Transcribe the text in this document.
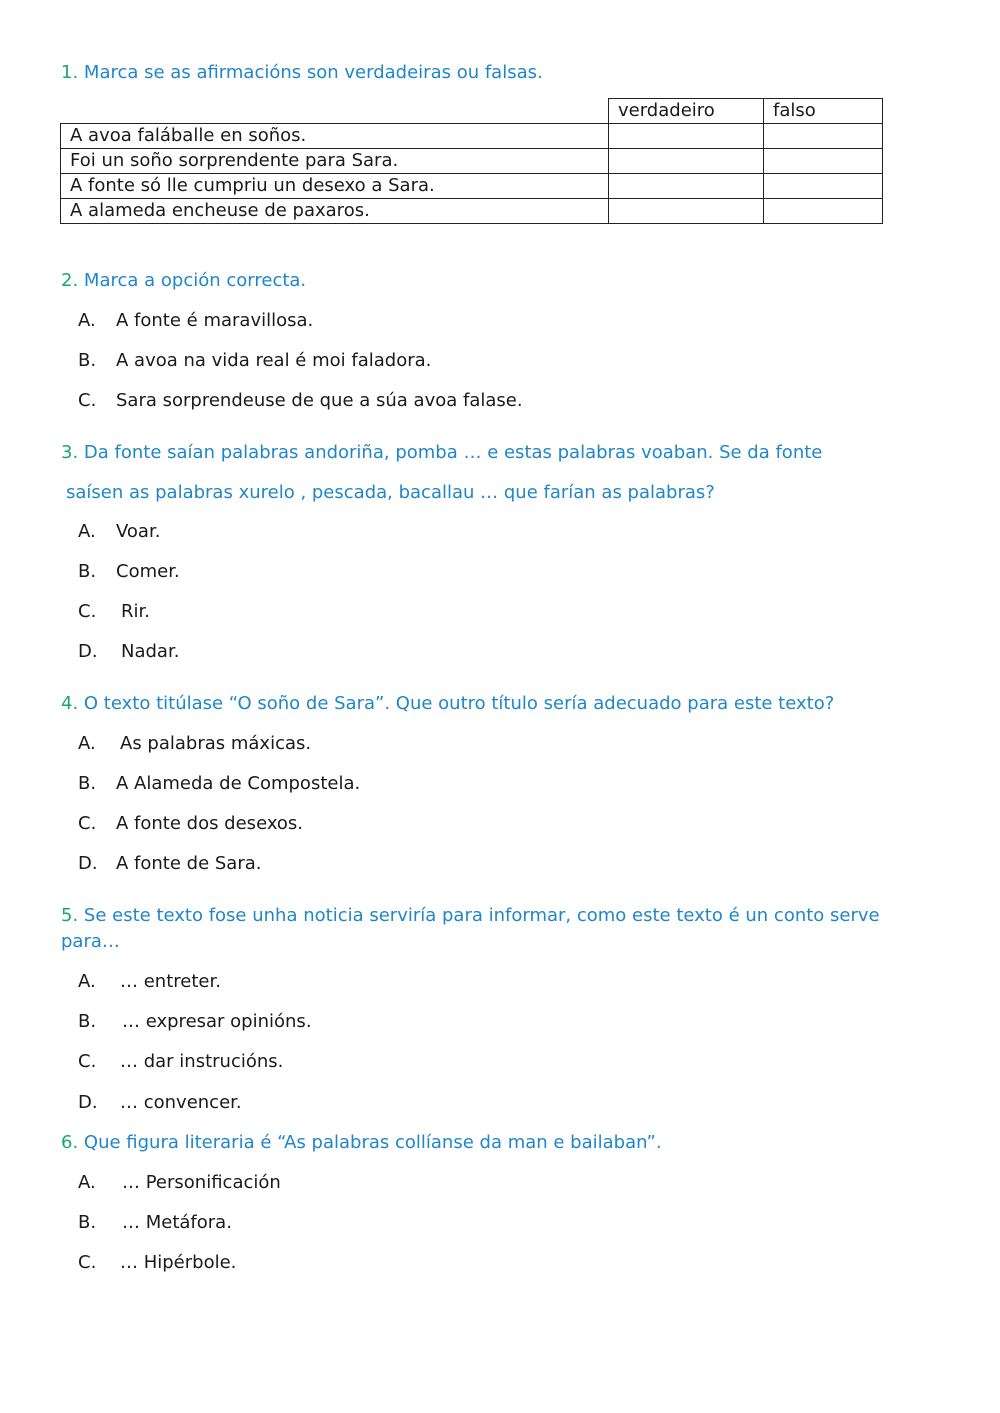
1. Marca se as afirmacións son verdadeiras ou falsas.
	verdadeiro	falso
A avoa faláballe en soños.		
Foi un soño sorprendente para Sara.		
A fonte só lle cumpriu un desexo a Sara.		
A alameda encheuse de paxaros.		
2. Marca a opción correcta.
A. A fonte é maravillosa.
B. A avoa na vida real é moi faladora.
C. Sara sorprendeuse de que a súa avoa falase.
3. Da fonte saían palabras andoriña, pomba … e estas palabras voaban. Se da fonte
saísen as palabras xurelo , pescada, bacallau … que farían as palabras?
A. Voar.
B. Comer.
C. Rir.
D. Nadar.
4. O texto titúlase “O soño de Sara”. Que outro título sería adecuado para este texto?
A. As palabras máxicas.
B. A Alameda de Compostela.
C. A fonte dos desexos.
D. A fonte de Sara.
5. Se este texto fose unha noticia serviría para informar, como este texto é un conto serve para…
A. … entreter.
B. … expresar opinións.
C. … dar instrucións.
D. … convencer.
6. Que figura literaria é “As palabras collíanse da man e bailaban”.
A. … Personificación
B. … Metáfora.
C. … Hipérbole.
